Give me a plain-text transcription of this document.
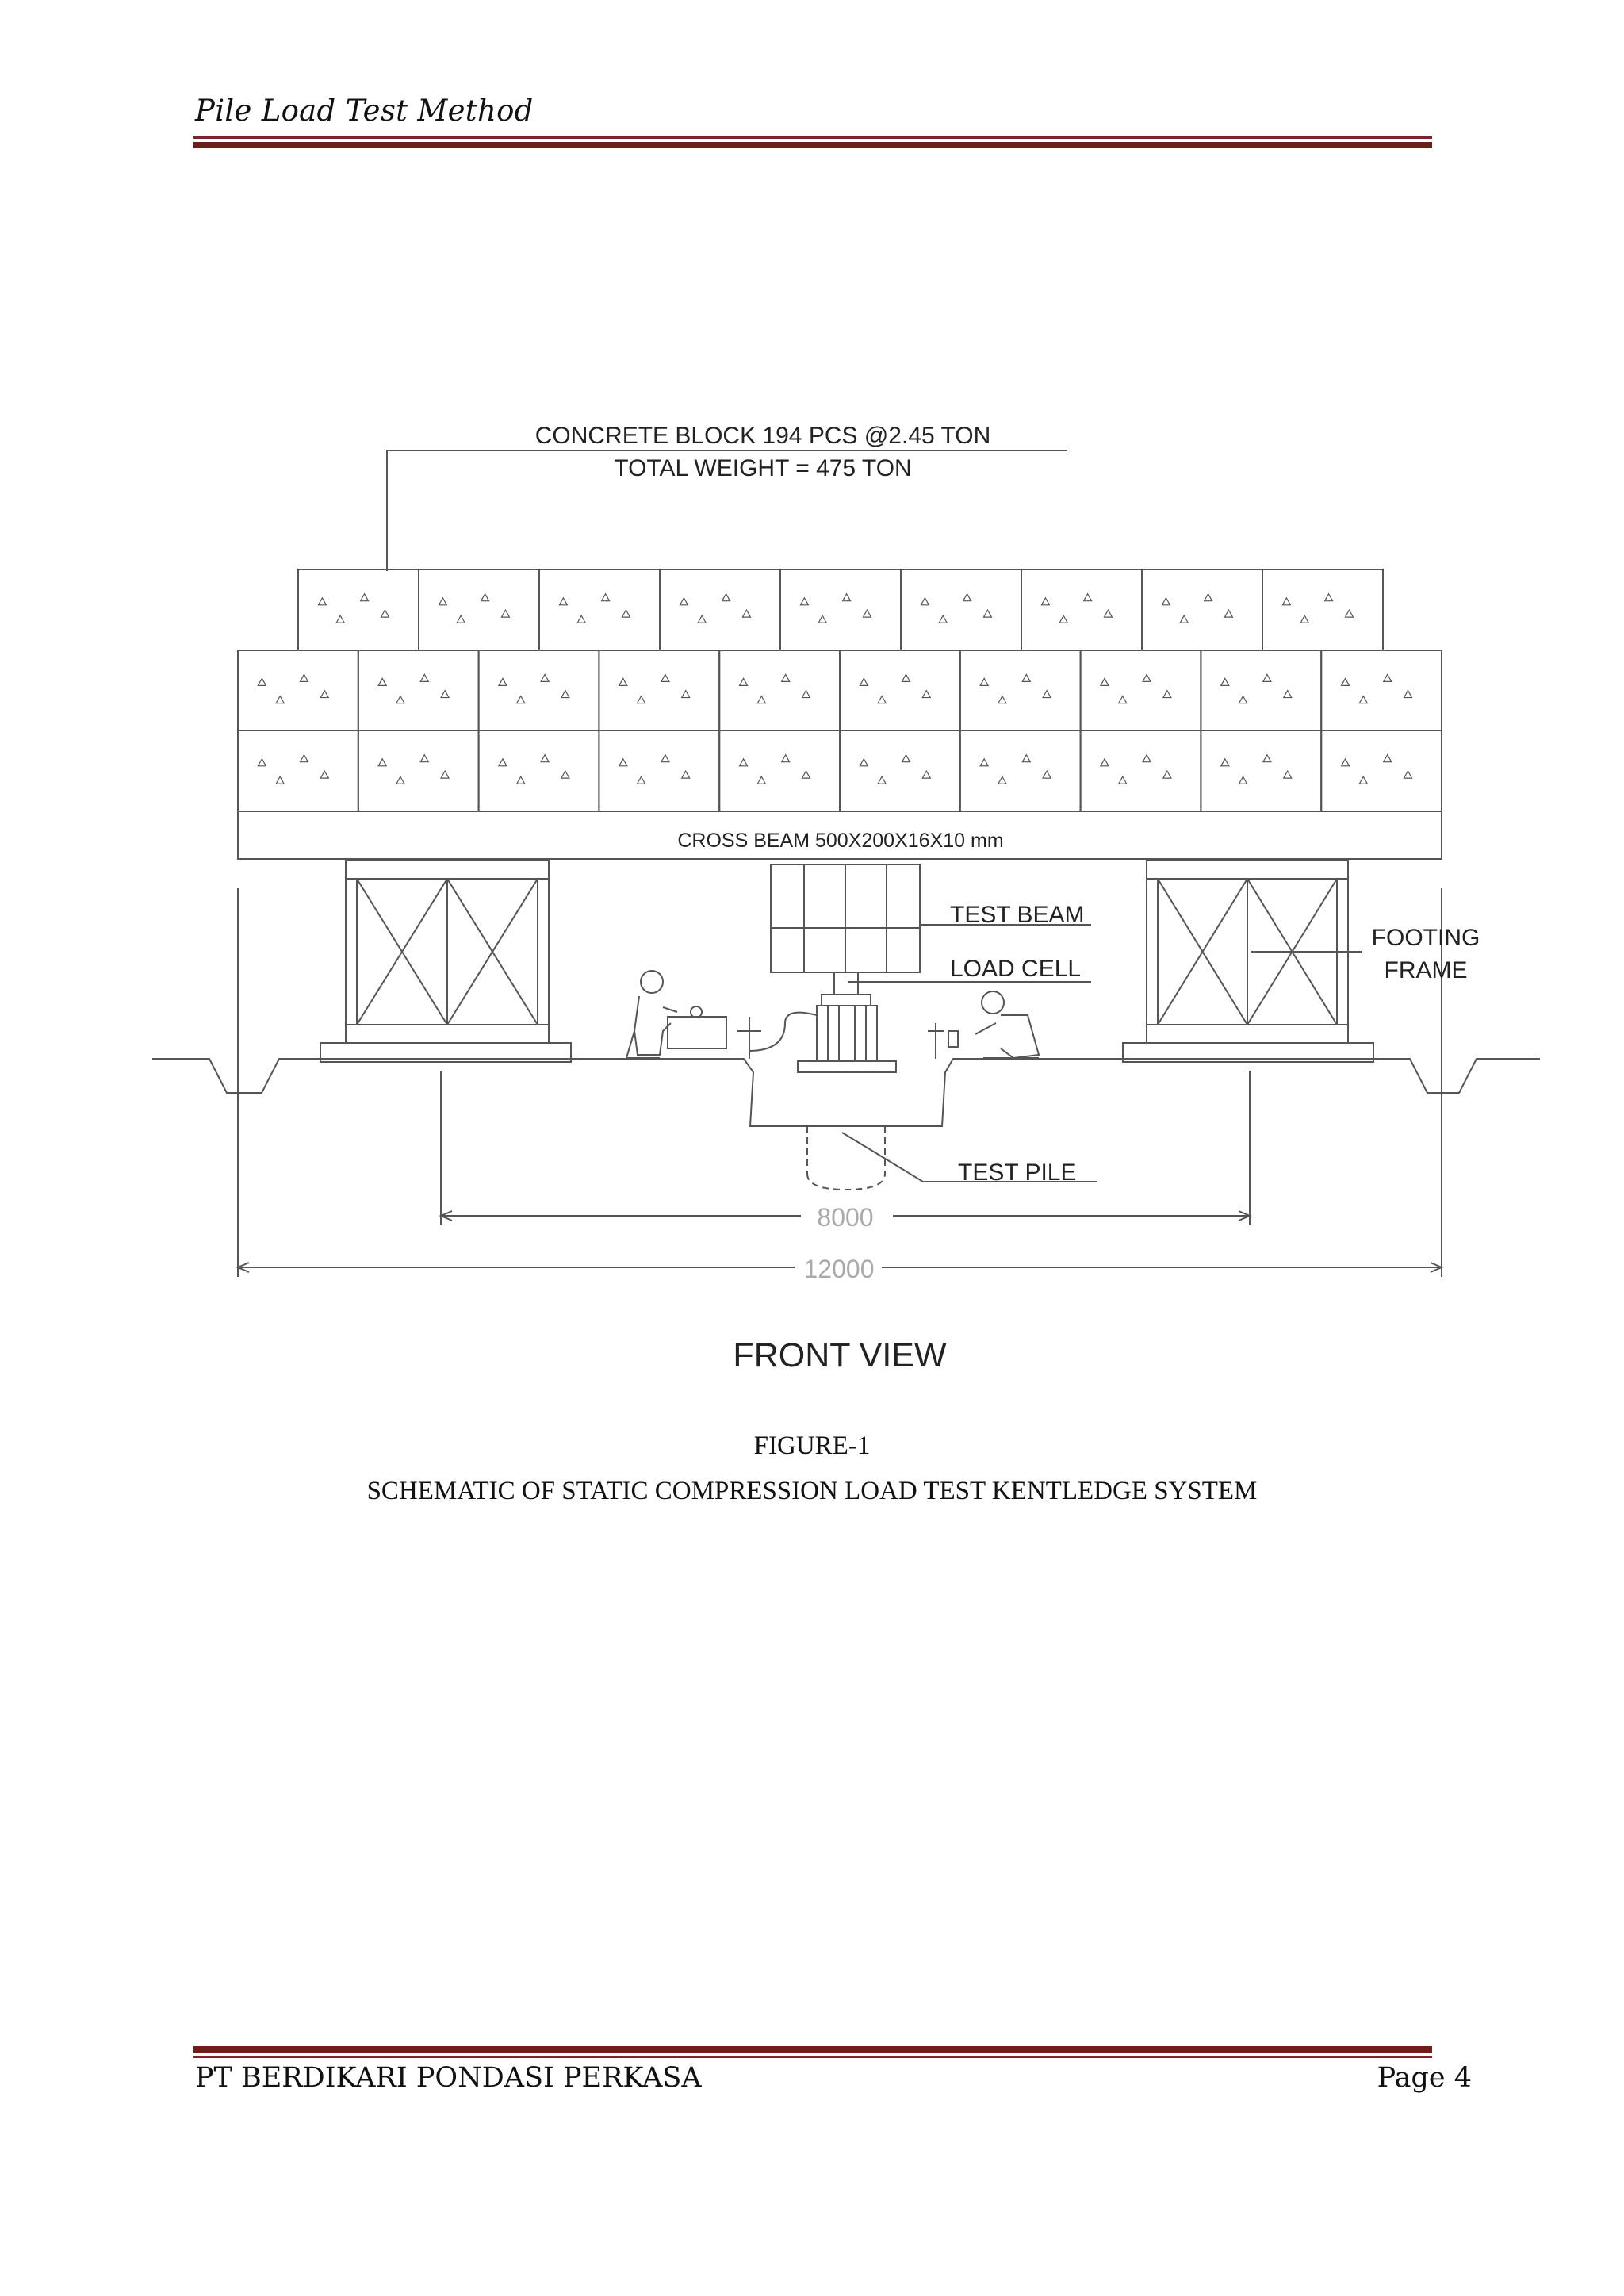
Pile Load Test Method
CONCRETE BLOCK 194 PCS @2.45 TON
TOTAL WEIGHT = 475 TON
CROSS BEAM 500X200X16X10 mm
TEST BEAM
LOAD CELL
FOOTING
FRAME
TEST PILE
8000
12000
FRONT VIEW
FIGURE-1
SCHEMATIC OF STATIC COMPRESSION LOAD TEST KENTLEDGE SYSTEM
PT BERDIKARI PONDASI PERKASA	Page 4
